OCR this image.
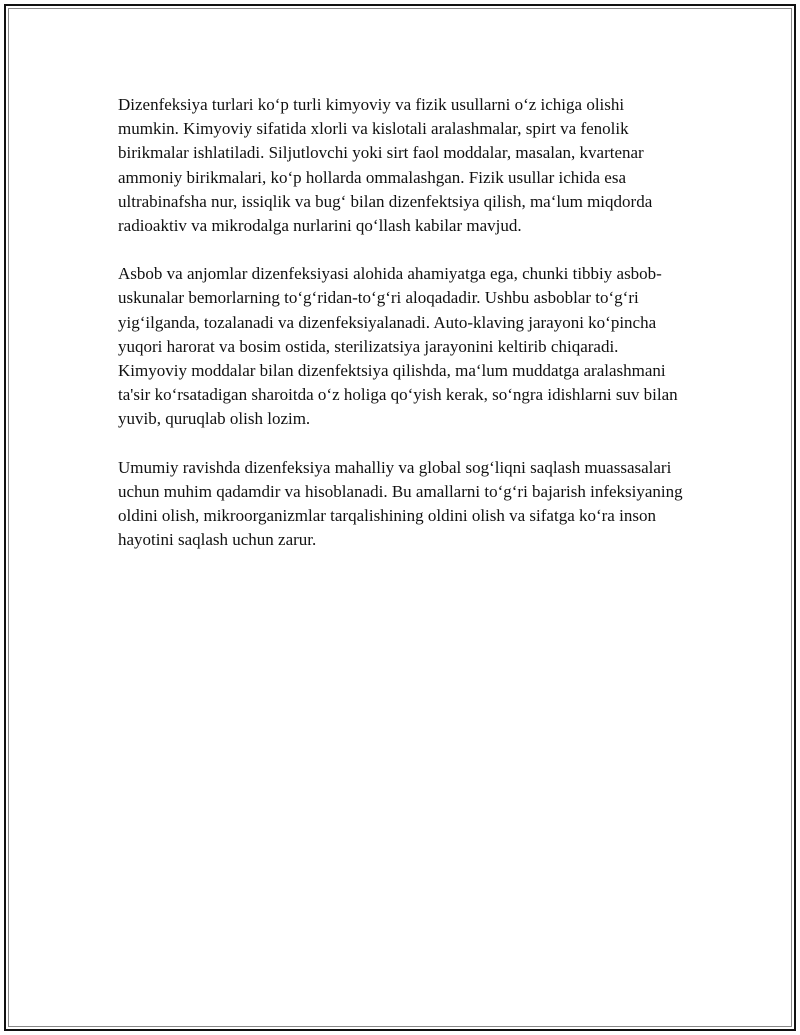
Dizenfeksiya turlari ko‘p turli kimyoviy va fizik usullarni o‘z ichiga olishi mumkin. Kimyoviy sifatida xlorli va kislotali aralashmalar, spirt va fenolik birikmalar ishlatiladi. Siljutlovchi yoki sirt faol moddalar, masalan, kvartenar ammoniy birikmalari, ko‘p hollarda ommalashgan. Fizik usullar ichida esa ultrabinafsha nur, issiqlik va bug‘ bilan dizenfektsiya qilish, ma‘lum miqdorda radioaktiv va mikrodalga nurlarini qo‘llash kabilar mavjud.

Asbob va anjomlar dizenfeksiyasi alohida ahamiyatga ega, chunki tibbiy asbob-uskunalar bemorlarning to‘g‘ridan-to‘g‘ri aloqadadir. Ushbu asboblar to‘g‘ri yig‘ilganda, tozalanadi va dizenfeksiyalanadi. Auto-klaving jarayoni ko‘pincha yuqori harorat va bosim ostida, sterilizatsiya jarayonini keltirib chiqaradi. Kimyoviy moddalar bilan dizenfektsiya qilishda, ma‘lum muddatga aralashmani ta'sir ko‘rsatadigan sharoitda o‘z holiga qo‘yish kerak, so‘ngra idishlarni suv bilan yuvib, quruqlab olish lozim.

Umumiy ravishda dizenfeksiya mahalliy va global sog‘liqni saqlash muassasalari uchun muhim qadamdir va hisoblanadi. Bu amallarni to‘g‘ri bajarish infeksiyaning oldini olish, mikroorganizmlar tarqalishining oldini olish va sifatga ko‘ra inson hayotini saqlash uchun zarur.
